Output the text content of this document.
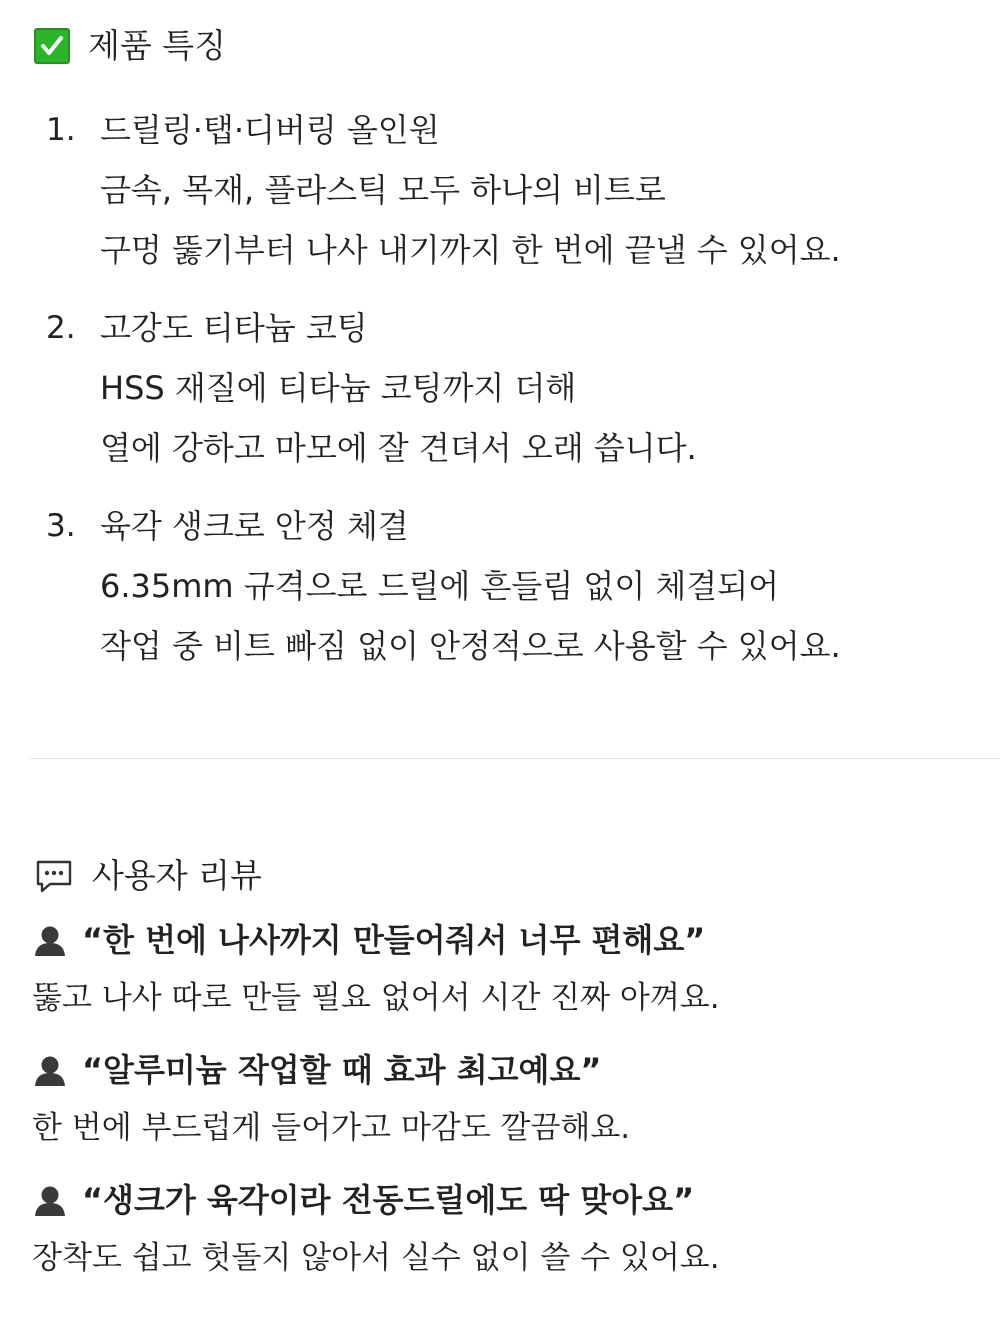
제품 특징
1. 드릴링·탭·디버링 올인원
금속, 목재, 플라스틱 모두 하나의 비트로
구멍 뚫기부터 나사 내기까지 한 번에 끝낼 수 있어요.
2. 고강도 티타늄 코팅
HSS 재질에 티타늄 코팅까지 더해
열에 강하고 마모에 잘 견뎌서 오래 씁니다.
3. 육각 생크로 안정 체결
6.35mm 규격으로 드릴에 흔들림 없이 체결되어
작업 중 비트 빠짐 없이 안정적으로 사용할 수 있어요.
사용자 리뷰
“한 번에 나사까지 만들어줘서 너무 편해요”
뚫고 나사 따로 만들 필요 없어서 시간 진짜 아껴요.
“알루미늄 작업할 때 효과 최고예요”
한 번에 부드럽게 들어가고 마감도 깔끔해요.
“생크가 육각이라 전동드릴에도 딱 맞아요”
장착도 쉽고 헛돌지 않아서 실수 없이 쓸 수 있어요.
